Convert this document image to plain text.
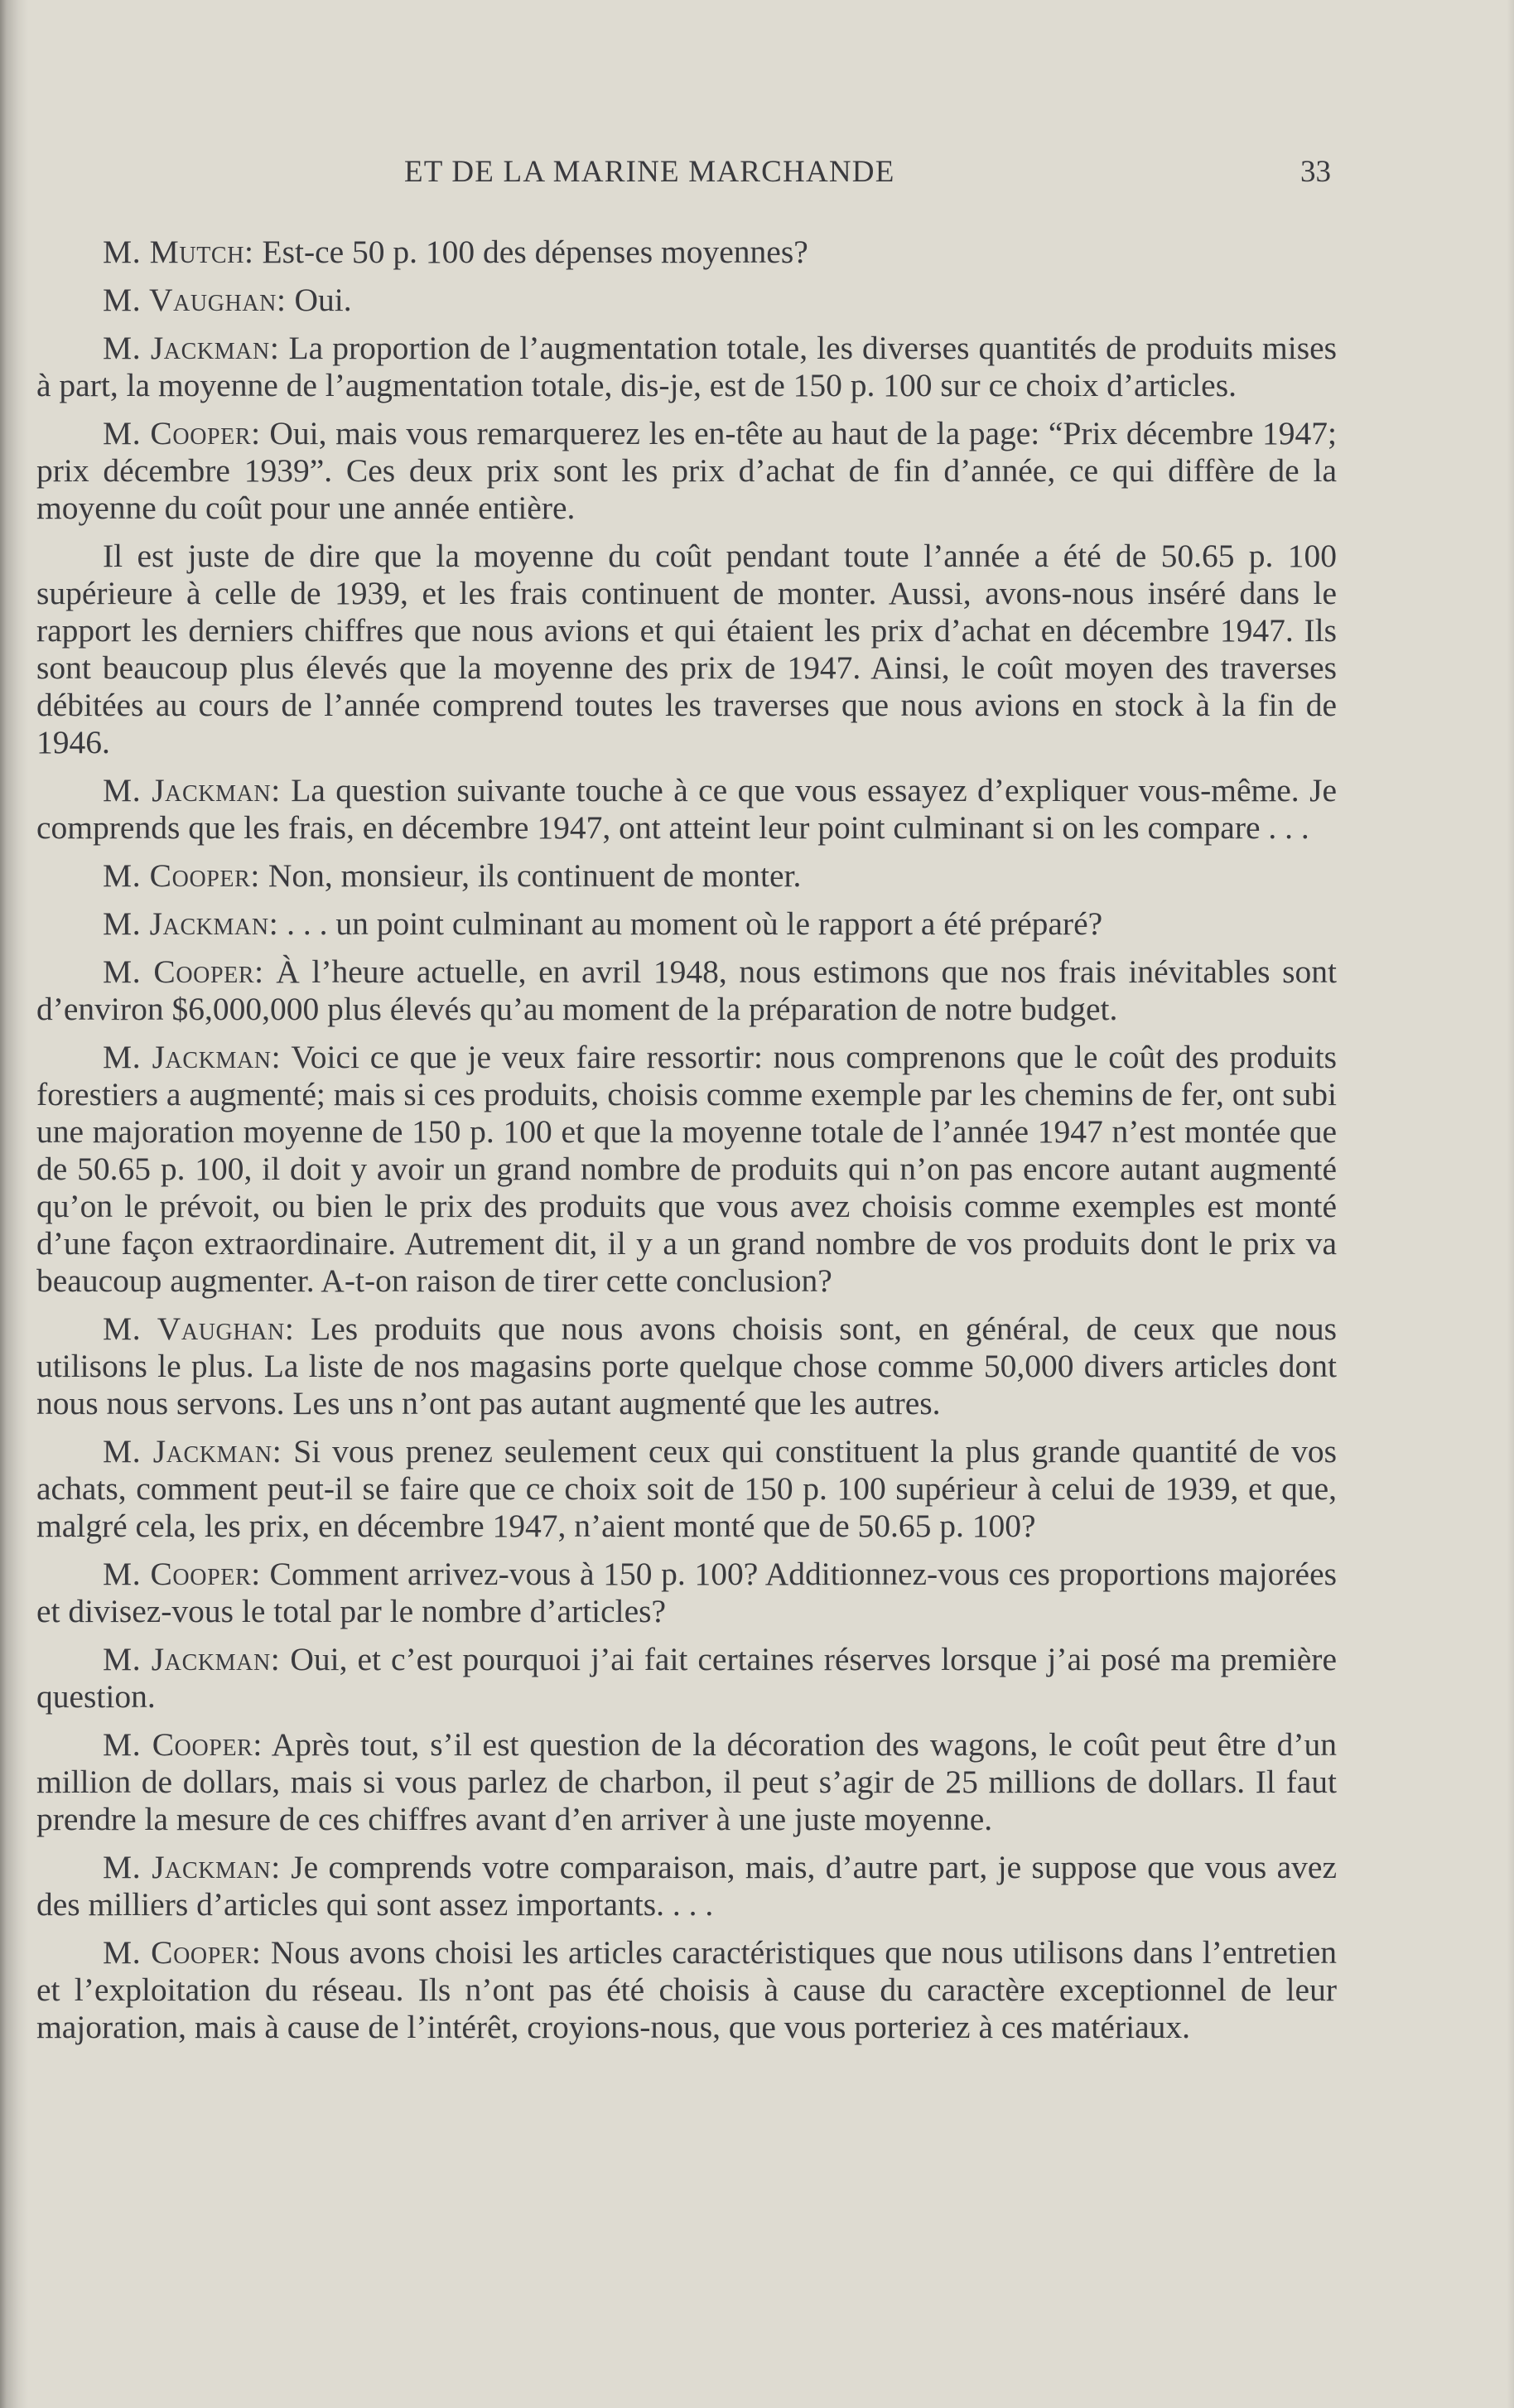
ET DE LA MARINE MARCHANDE	33

M. Mutch: Est-ce 50 p. 100 des dépenses moyennes?

M. Vaughan: Oui.

M. Jackman: La proportion de l’augmentation totale, les diverses quantités de produits mises à part, la moyenne de l’augmentation totale, dis-je, est de 150 p. 100 sur ce choix d’articles.

M. Cooper: Oui, mais vous remarquerez les en-tête au haut de la page: “Prix décembre 1947; prix décembre 1939”. Ces deux prix sont les prix d’achat de fin d’année, ce qui diffère de la moyenne du coût pour une année entière.

Il est juste de dire que la moyenne du coût pendant toute l’année a été de 50.65 p. 100 supérieure à celle de 1939, et les frais continuent de monter. Aussi, avons-nous inséré dans le rapport les derniers chiffres que nous avions et qui étaient les prix d’achat en décembre 1947. Ils sont beaucoup plus élevés que la moyenne des prix de 1947. Ainsi, le coût moyen des traverses débitées au cours de l’année comprend toutes les traverses que nous avions en stock à la fin de 1946.

M. Jackman: La question suivante touche à ce que vous essayez d’expliquer vous-même. Je comprends que les frais, en décembre 1947, ont atteint leur point culminant si on les compare . . .

M. Cooper: Non, monsieur, ils continuent de monter.

M. Jackman: . . . un point culminant au moment où le rapport a été préparé?

M. Cooper: À l’heure actuelle, en avril 1948, nous estimons que nos frais inévitables sont d’environ $6,000,000 plus élevés qu’au moment de la préparation de notre budget.

M. Jackman: Voici ce que je veux faire ressortir: nous comprenons que le coût des produits forestiers a augmenté; mais si ces produits, choisis comme exemple par les chemins de fer, ont subi une majoration moyenne de 150 p. 100 et que la moyenne totale de l’année 1947 n’est montée que de 50.65 p. 100, il doit y avoir un grand nombre de produits qui n’on pas encore autant augmenté qu’on le prévoit, ou bien le prix des produits que vous avez choisis comme exemples est monté d’une façon extraordinaire. Autrement dit, il y a un grand nombre de vos produits dont le prix va beaucoup augmenter. A-t-on raison de tirer cette conclusion?

M. Vaughan: Les produits que nous avons choisis sont, en général, de ceux que nous utilisons le plus. La liste de nos magasins porte quelque chose comme 50,000 divers articles dont nous nous servons. Les uns n’ont pas autant augmenté que les autres.

M. Jackman: Si vous prenez seulement ceux qui constituent la plus grande quantité de vos achats, comment peut-il se faire que ce choix soit de 150 p. 100 supérieur à celui de 1939, et que, malgré cela, les prix, en décembre 1947, n’aient monté que de 50.65 p. 100?

M. Cooper: Comment arrivez-vous à 150 p. 100? Additionnez-vous ces proportions majorées et divisez-vous le total par le nombre d’articles?

M. Jackman: Oui, et c’est pourquoi j’ai fait certaines réserves lorsque j’ai posé ma première question.

M. Cooper: Après tout, s’il est question de la décoration des wagons, le coût peut être d’un million de dollars, mais si vous parlez de charbon, il peut s’agir de 25 millions de dollars. Il faut prendre la mesure de ces chiffres avant d’en arriver à une juste moyenne.

M. Jackman: Je comprends votre comparaison, mais, d’autre part, je suppose que vous avez des milliers d’articles qui sont assez importants. . . .

M. Cooper: Nous avons choisi les articles caractéristiques que nous utilisons dans l’entretien et l’exploitation du réseau. Ils n’ont pas été choisis à cause du caractère exceptionnel de leur majoration, mais à cause de l’intérêt, croyions-nous, que vous porteriez à ces matériaux.
